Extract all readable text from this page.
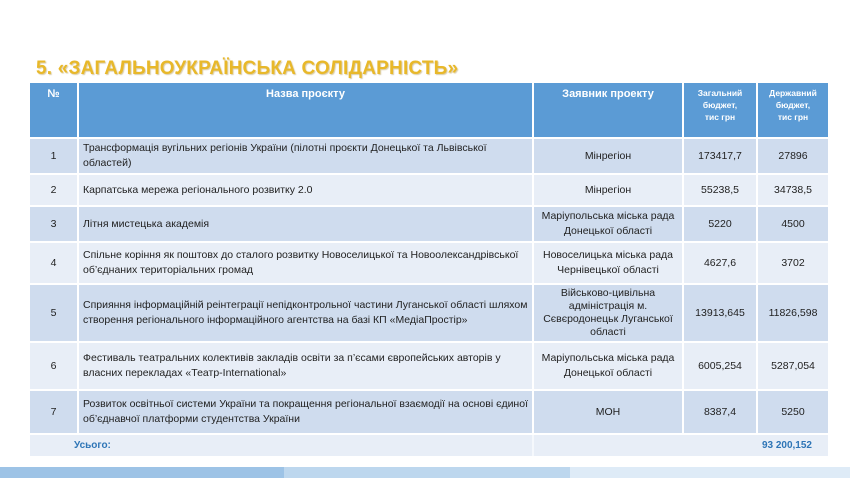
5. «ЗАГАЛЬНОУКРАЇНСЬКА СОЛІДАРНІСТЬ»
№	Назва проєкту	Заявник проекту	Загальний
бюджет,
тис грн	Державний
бюджет,
тис грн
1	Трансформація вугільних регіонів України (пілотні проєкти Донецької та Львівської областей)	Мінрегіон	173417,7	27896
2	Карпатська мережа регіонального розвитку 2.0	Мінрегіон	55238,5	34738,5
3	Літня мистецька академія	Маріупольська міська рада Донецької області	5220	4500
4	Спільне коріння як поштовх до сталого розвитку Новоселицької та Новоолександрівської об’єднаних територіальних громад	Новоселицька міська рада Чернівецької області	4627,6	3702
5	Сприяння інформаційній реінтеграції непідконтрольної частини Луганської області шляхом створення регіонального інформаційного агентства на базі КП «МедіаПростір»	Військово-цивільна адміністрація м. Сєвєродонецьк Луганської області	13913,645	11826,598
6	Фестиваль театральних колективів закладів освіти за п’єсами європейських авторів у власних перекладах «Театр-International»	Маріупольська міська рада Донецької області	6005,254	5287,054
7	Розвиток освітньої системи України та покращення регіональної взаємодії на основі єдиної об’єднавчої платформи студентства України	МОН	8387,4	5250
Усього:				93 200,152
